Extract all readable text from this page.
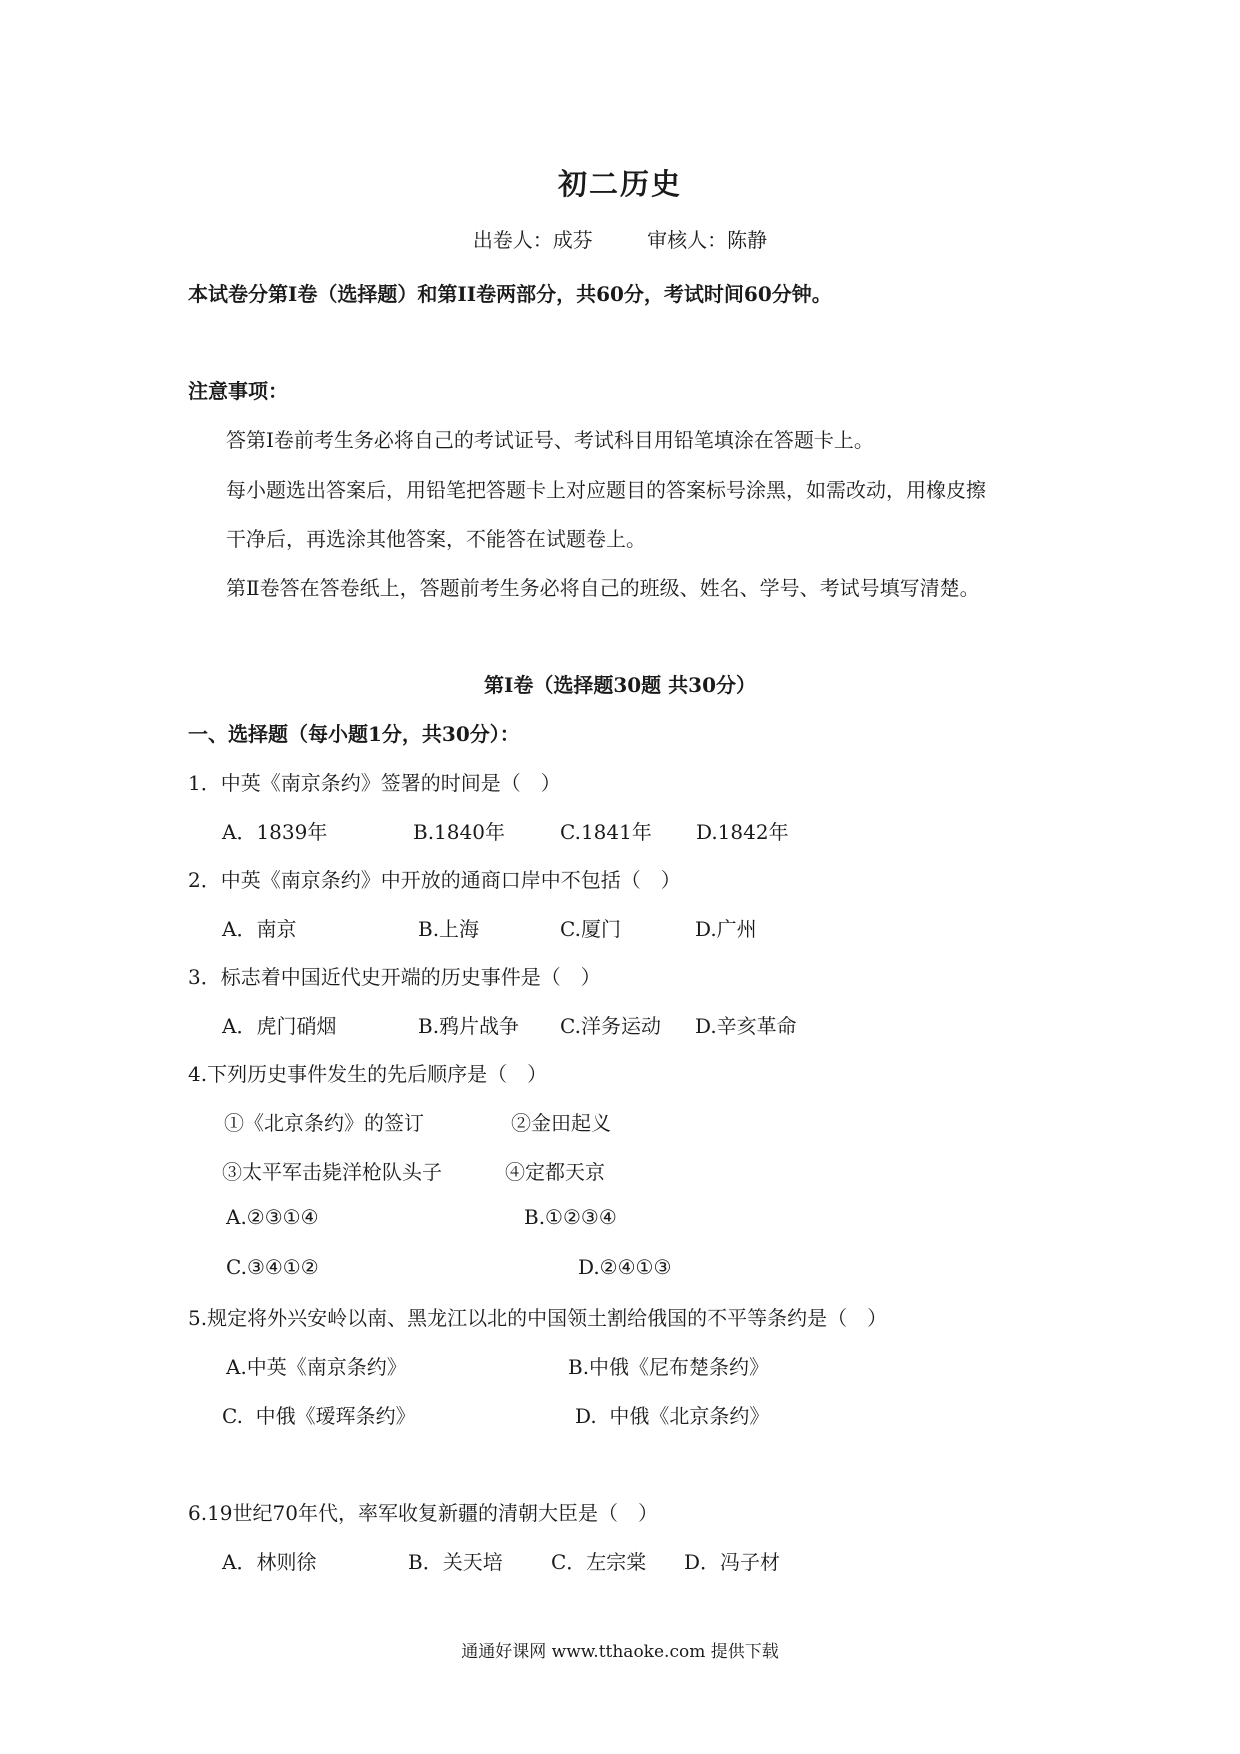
初二历史
出卷人：成芬	审核人：陈静
本试卷分第Ⅰ卷（选择题）和第II卷两部分，共60分，考试时间60分钟。
注意事项：
答第Ⅰ卷前考生务必将自己的考试证号、考试科目用铅笔填涂在答题卡上。
每小题选出答案后，用铅笔把答题卡上对应题目的答案标号涂黑，如需改动，用橡皮擦
干净后，再选涂其他答案，不能答在试题卷上。
第Ⅱ卷答在答卷纸上，答题前考生务必将自己的班级、姓名、学号、考试号填写清楚。
第Ⅰ卷（选择题30题 共30分）
一、选择题（每小题1分，共30分）：
1．中英《南京条约》签署的时间是（　）
A．1839年	B.1840年	C.1841年 D.1842年
2．中英《南京条约》中开放的通商口岸中不包括（　）
A．南京	B.上海	C.厦门	D.广州
3．标志着中国近代史开端的历史事件是（　）
A．虎门硝烟	B.鸦片战争 C.洋务运动 D.辛亥革命
4.下列历史事件发生的先后顺序是（　）
①《北京条约》的签订	②金田起义
③太平军击毙洋枪队头子	④定都天京
A.②③①④	B.①②③④
C.③④①②	D.②④①③
5.规定将外兴安岭以南、黑龙江以北的中国领土割给俄国的不平等条约是（　）
A.中英《南京条约》	B.中俄《尼布楚条约》
C.  中俄《瑷珲条约》	D.  中俄《北京条约》
6.19世纪70年代，率军收复新疆的清朝大臣是（　）
A．林则徐	B．关天培 C．左宗棠 D．冯子材
通通好课网 www.tthaoke.com 提供下载
